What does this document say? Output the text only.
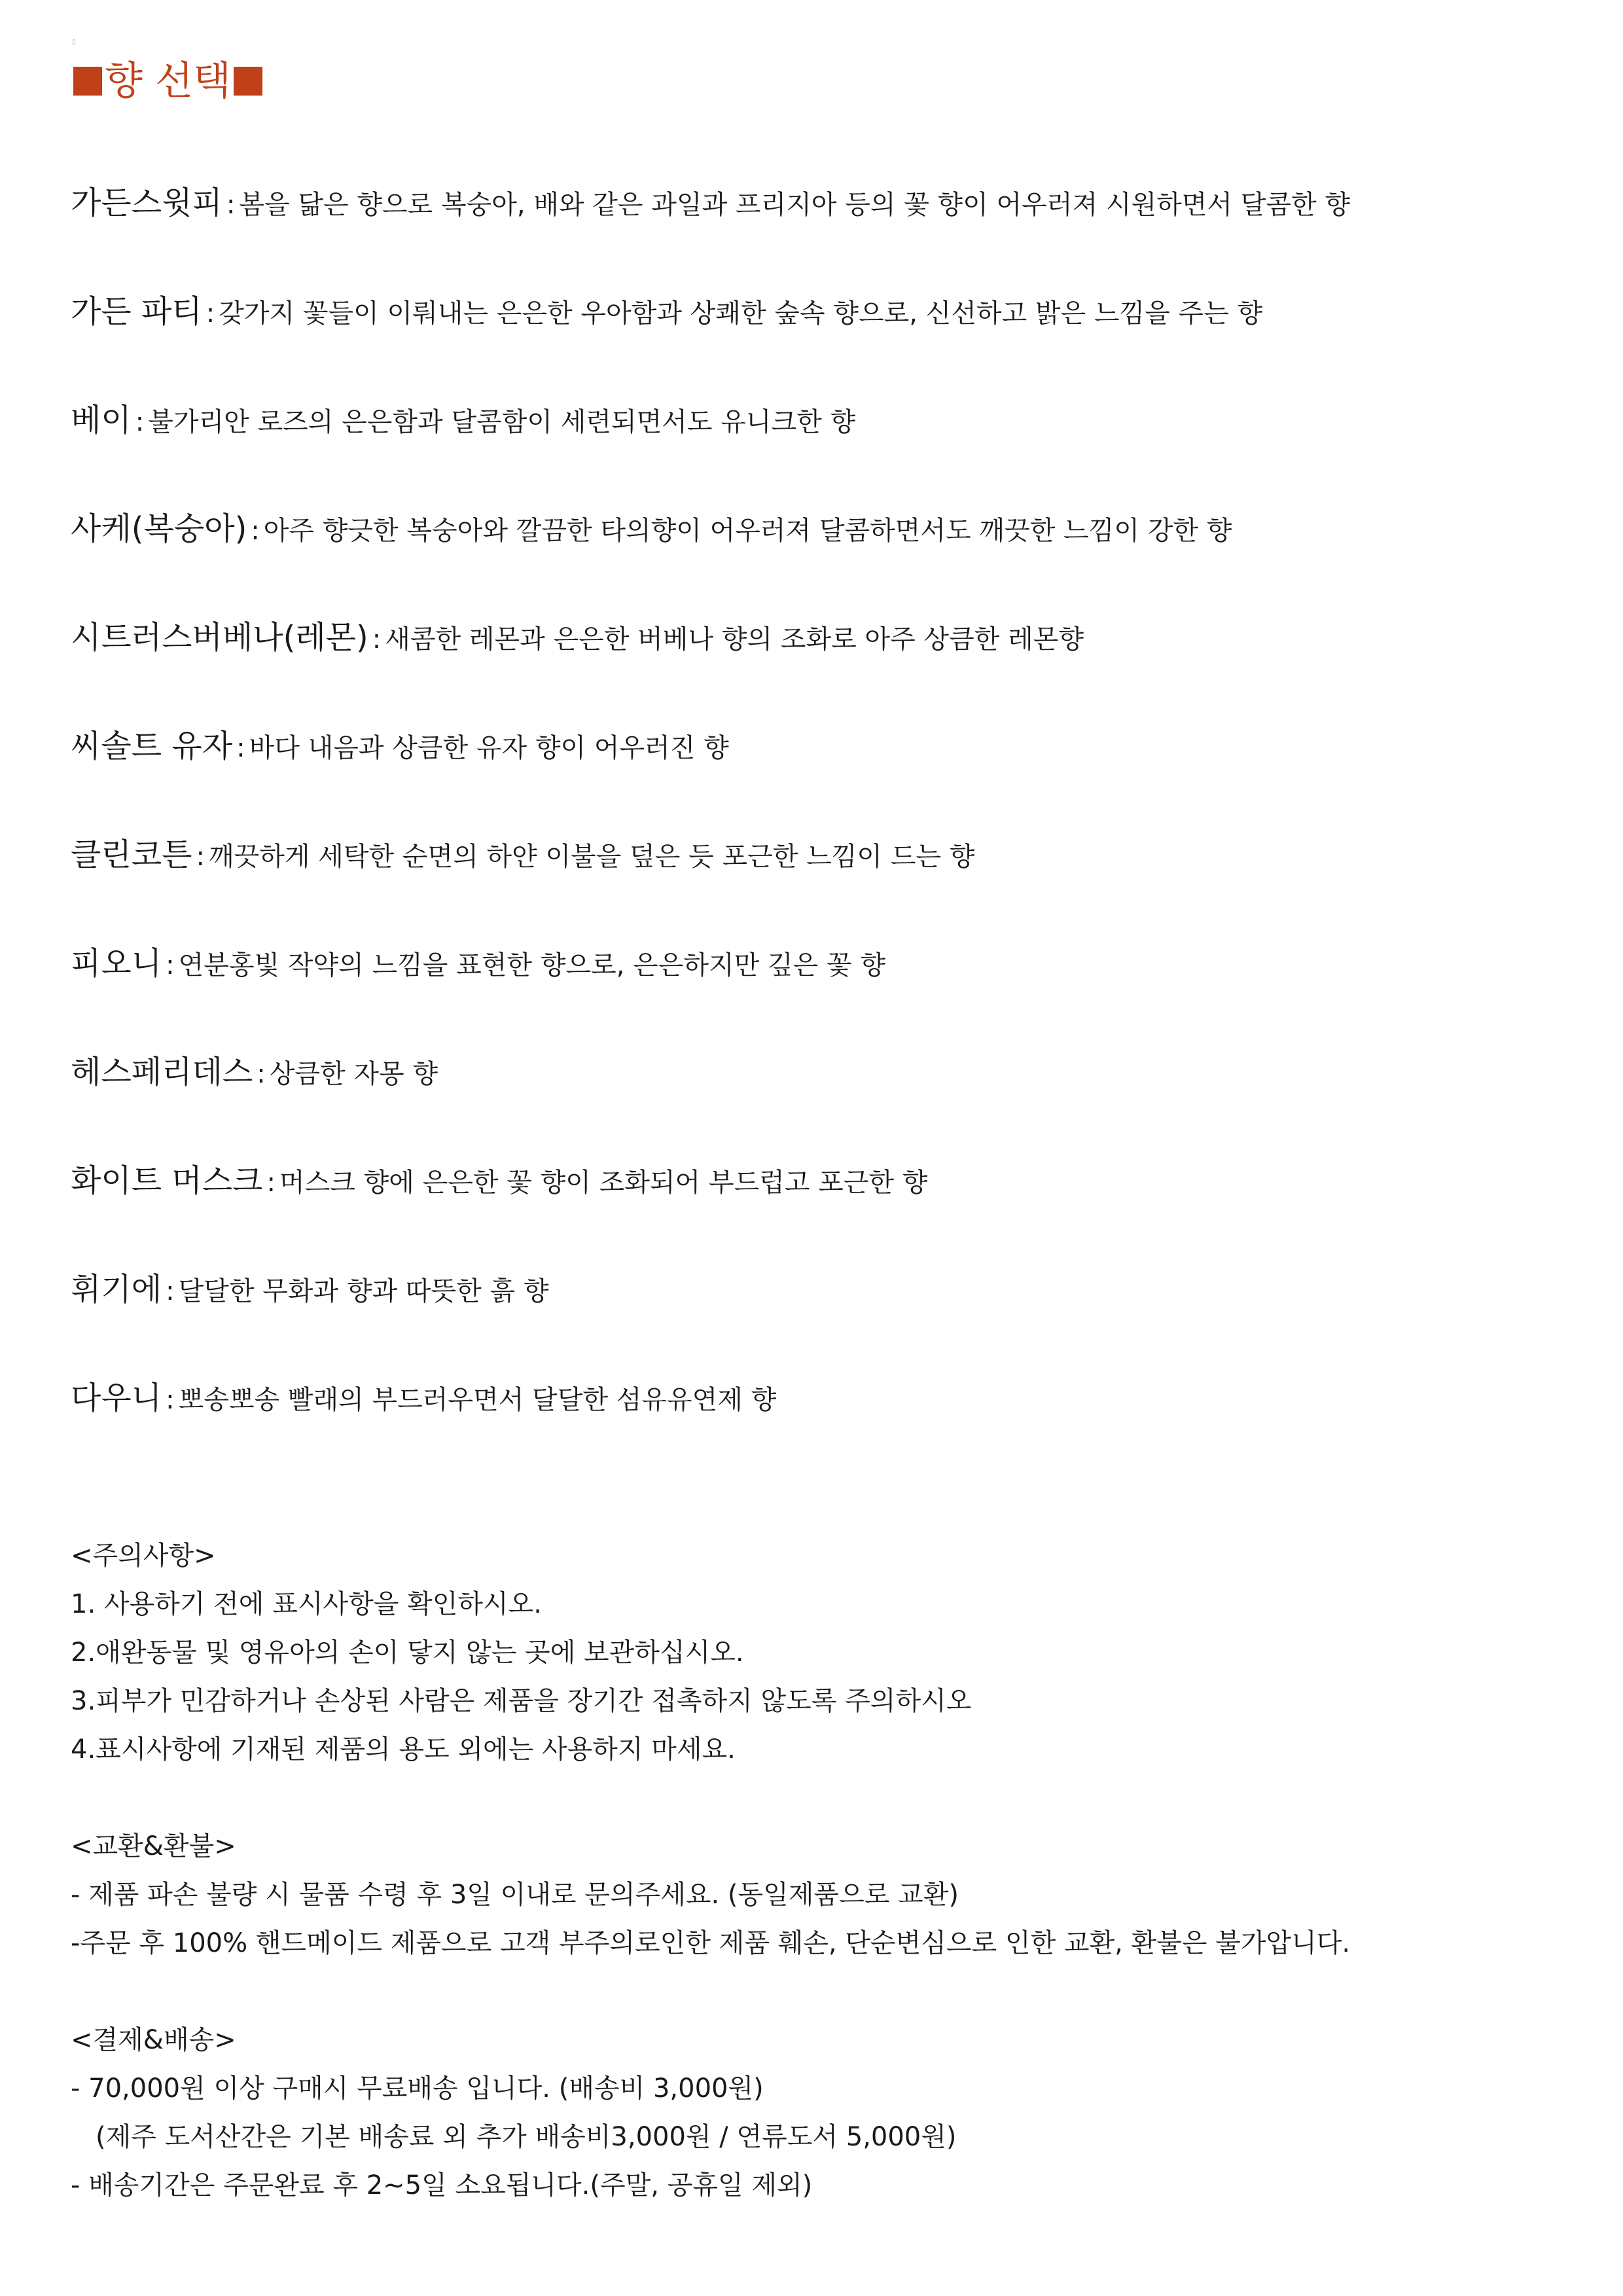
▯
향 선택
가든스윗피 : 봄을 닮은 향으로 복숭아, 배와 같은 과일과 프리지아 등의 꽃 향이 어우러져 시원하면서 달콤한 향
가든 파티 : 갖가지 꽃들이 이뤄내는 은은한 우아함과 상쾌한 숲속 향으로, 신선하고 밝은 느낌을 주는 향
베이 : 불가리안 로즈의 은은함과 달콤함이 세련되면서도 유니크한 향
사케(복숭아) : 아주 향긋한 복숭아와 깔끔한 타의향이 어우러져 달콤하면서도 깨끗한 느낌이 강한 향
시트러스버베나(레몬) : 새콤한 레몬과 은은한 버베나 향의 조화로 아주 상큼한 레몬향
씨솔트 유자 : 바다 내음과 상큼한 유자 향이 어우러진 향
클린코튼 : 깨끗하게 세탁한 순면의 하얀 이불을 덮은 듯 포근한 느낌이 드는 향
피오니 : 연분홍빛 작약의 느낌을 표현한 향으로, 은은하지만 깊은 꽃 향
헤스페리데스 : 상큼한 자몽 향
화이트 머스크 : 머스크 향에 은은한 꽃 향이 조화되어 부드럽고 포근한 향
휘기에 : 달달한 무화과 향과 따뜻한 흙 향
다우니 : 뽀송뽀송 빨래의 부드러우면서 달달한 섬유유연제 향
<주의사항>
1. 사용하기 전에 표시사항을 확인하시오.
2.애완동물 및 영유아의 손이 닿지 않는 곳에 보관하십시오.
3.피부가 민감하거나 손상된 사람은 제품을 장기간 접촉하지 않도록 주의하시오
4.표시사항에 기재된 제품의 용도 외에는 사용하지 마세요.
<교환&환불>
- 제품 파손 불량 시 물품 수령 후 3일 이내로 문의주세요. (동일제품으로 교환)
-주문 후 100% 핸드메이드 제품으로 고객 부주의로인한 제품 훼손, 단순변심으로 인한 교환, 환불은 불가압니다.
<결제&배송>
- 70,000원 이상 구매시 무료배송 입니다. (배송비 3,000원)
(제주 도서산간은 기본 배송료 외 추가 배송비3,000원 / 연류도서 5,000원)
- 배송기간은 주문완료 후 2~5일 소요됩니다.(주말, 공휴일 제외)
